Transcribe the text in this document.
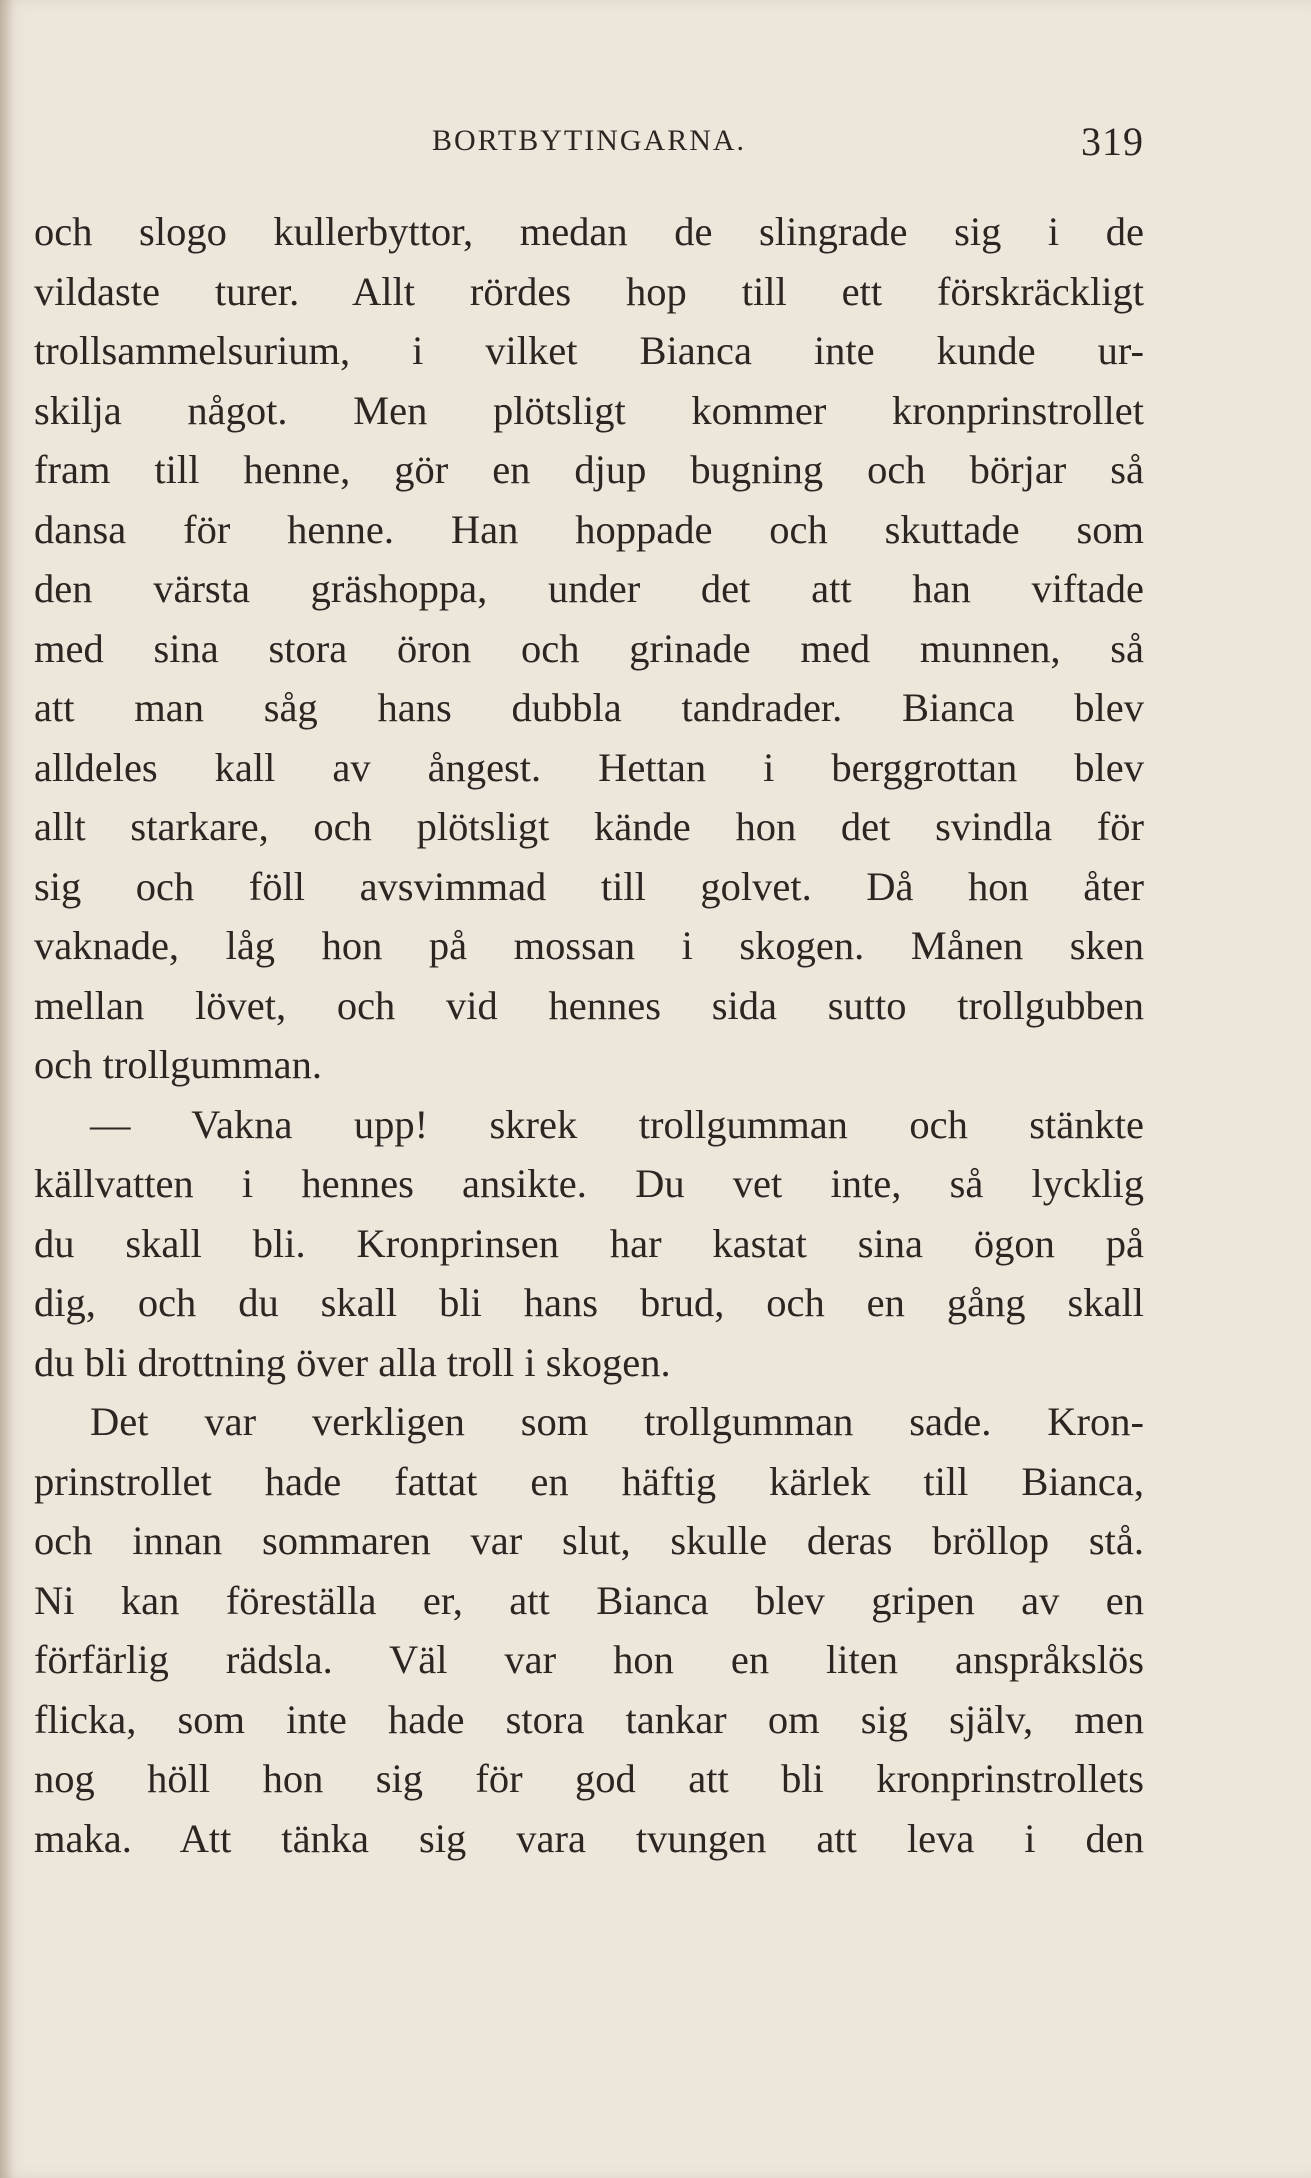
BORTBYTINGARNA.	319
och slogo kullerbyttor, medan de slingrade sig i de
vildaste turer. Allt rördes hop till ett förskräckligt
trollsammelsurium, i vilket Bianca inte kunde ur-
skilja något. Men plötsligt kommer kronprinstrollet
fram till henne, gör en djup bugning och börjar så
dansa för henne. Han hoppade och skuttade som
den värsta gräshoppa, under det att han viftade
med sina stora öron och grinade med munnen, så
att man såg hans dubbla tandrader. Bianca blev
alldeles kall av ångest. Hettan i berggrottan blev
allt starkare, och plötsligt kände hon det svindla för
sig och föll avsvimmad till golvet. Då hon åter
vaknade, låg hon på mossan i skogen. Månen sken
mellan lövet, och vid hennes sida sutto trollgubben
och trollgumman.
— Vakna upp! skrek trollgumman och stänkte
källvatten i hennes ansikte. Du vet inte, så lycklig
du skall bli. Kronprinsen har kastat sina ögon på
dig, och du skall bli hans brud, och en gång skall
du bli drottning över alla troll i skogen.
Det var verkligen som trollgumman sade. Kron-
prinstrollet hade fattat en häftig kärlek till Bianca,
och innan sommaren var slut, skulle deras bröllop stå.
Ni kan föreställa er, att Bianca blev gripen av en
förfärlig rädsla. Väl var hon en liten anspråkslös
flicka, som inte hade stora tankar om sig själv, men
nog höll hon sig för god att bli kronprinstrollets
maka. Att tänka sig vara tvungen att leva i den
